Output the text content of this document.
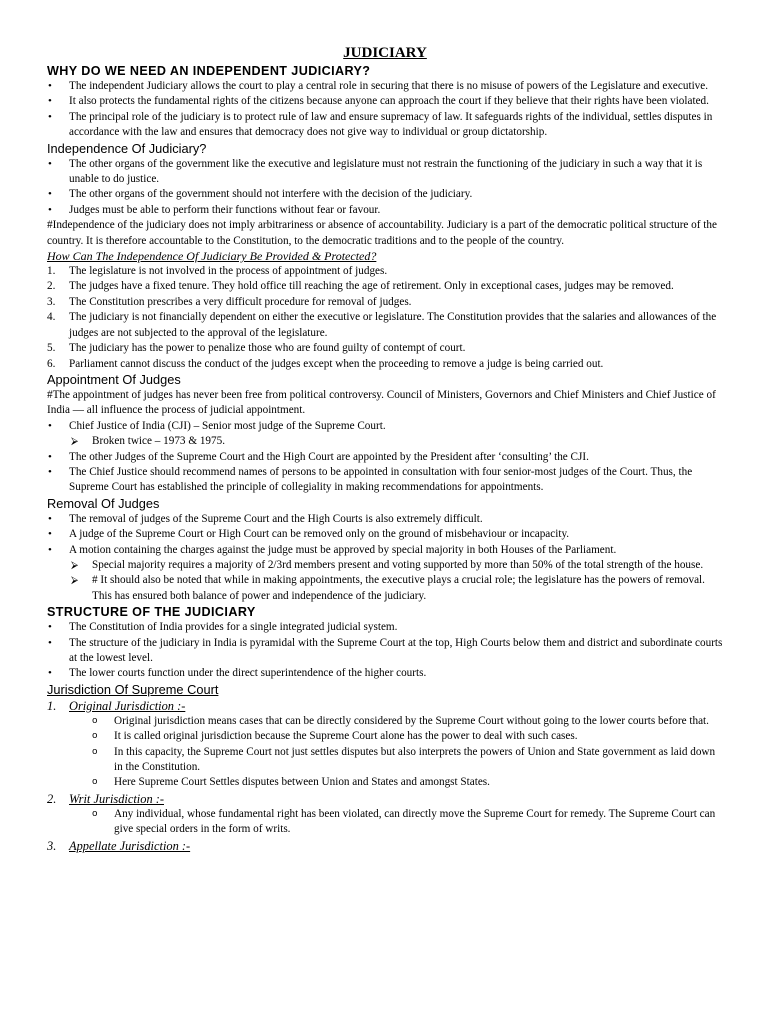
JUDICIARY
WHY DO WE NEED AN INDEPENDENT JUDICIARY?
• The independent Judiciary allows the court to play a central role in securing that there is no misuse of powers of the Legislature and executive.
• It also protects the fundamental rights of the citizens because anyone can approach the court if they believe that their rights have been violated.
• The principal role of the judiciary is to protect rule of law and ensure supremacy of law. It safeguards rights of the individual, settles disputes in accordance with the law and ensures that democracy does not give way to individual or group dictatorship.
Independence Of Judiciary?
• The other organs of the government like the executive and legislature must not restrain the functioning of the judiciary in such a way that it is unable to do justice.
• The other organs of the government should not interfere with the decision of the judiciary.
• Judges must be able to perform their functions without fear or favour.

#Independence of the judiciary does not imply arbitrariness or absence of accountability. Judiciary is a part of the democratic political structure of the country. It is therefore accountable to the Constitution, to the democratic traditions and to the people of the country.

How Can The Independence Of Judiciary Be Provided & Protected?
1. The legislature is not involved in the process of appointment of judges.
2. The judges have a fixed tenure. They hold office till reaching the age of retirement. Only in exceptional cases, judges may be removed.
3. The Constitution prescribes a very difficult procedure for removal of judges.
4. The judiciary is not financially dependent on either the executive or legislature. The Constitution provides that the salaries and allowances of the judges are not subjected to the approval of the legislature.
5. The judiciary has the power to penalize those who are found guilty of contempt of court.
6. Parliament cannot discuss the conduct of the judges except when the proceeding to remove a judge is being carried out.
Appointment Of Judges

#The appointment of judges has never been free from political controversy. Council of Ministers, Governors and Chief Ministers and Chief Justice of India — all influence the process of judicial appointment.

• Chief Justice of India (CJI) – Senior most judge of the Supreme Court.
⮚ Broken twice – 1973 & 1975.
• The other Judges of the Supreme Court and the High Court are appointed by the President after ‘consulting’ the CJI.
• The Chief Justice should recommend names of persons to be appointed in consultation with four senior-most judges of the Court. Thus, the Supreme Court has established the principle of collegiality in making recommendations for appointments.
Removal Of Judges
• The removal of judges of the Supreme Court and the High Courts is also extremely difficult.
• A judge of the Supreme Court or High Court can be removed only on the ground of misbehaviour or incapacity.
• A motion containing the charges against the judge must be approved by special majority in both Houses of the Parliament.
⮚ Special majority requires a majority of 2/3rd members present and voting supported by more than 50% of the total strength of the house.
⮚ # It should also be noted that while in making appointments, the executive plays a crucial role; the legislature has the powers of removal. This has ensured both balance of power and independence of the judiciary.
STRUCTURE OF THE JUDICIARY
• The Constitution of India provides for a single integrated judicial system.
• The structure of the judiciary in India is pyramidal with the Supreme Court at the top, High Courts below them and district and subordinate courts at the lowest level.
• The lower courts function under the direct superintendence of the higher courts.
Jurisdiction Of Supreme Court
1. Original Jurisdiction :-
o Original jurisdiction means cases that can be directly considered by the Supreme Court without going to the lower courts before that.
o It is called original jurisdiction because the Supreme Court alone has the power to deal with such cases.
o In this capacity, the Supreme Court not just settles disputes but also interprets the powers of Union and State government as laid down in the Constitution.
o Here Supreme Court Settles disputes between Union and States and amongst States.
2. Writ Jurisdiction :-
o Any individual, whose fundamental right has been violated, can directly move the Supreme Court for remedy. The Supreme Court can give special orders in the form of writs.
3. Appellate Jurisdiction :-
